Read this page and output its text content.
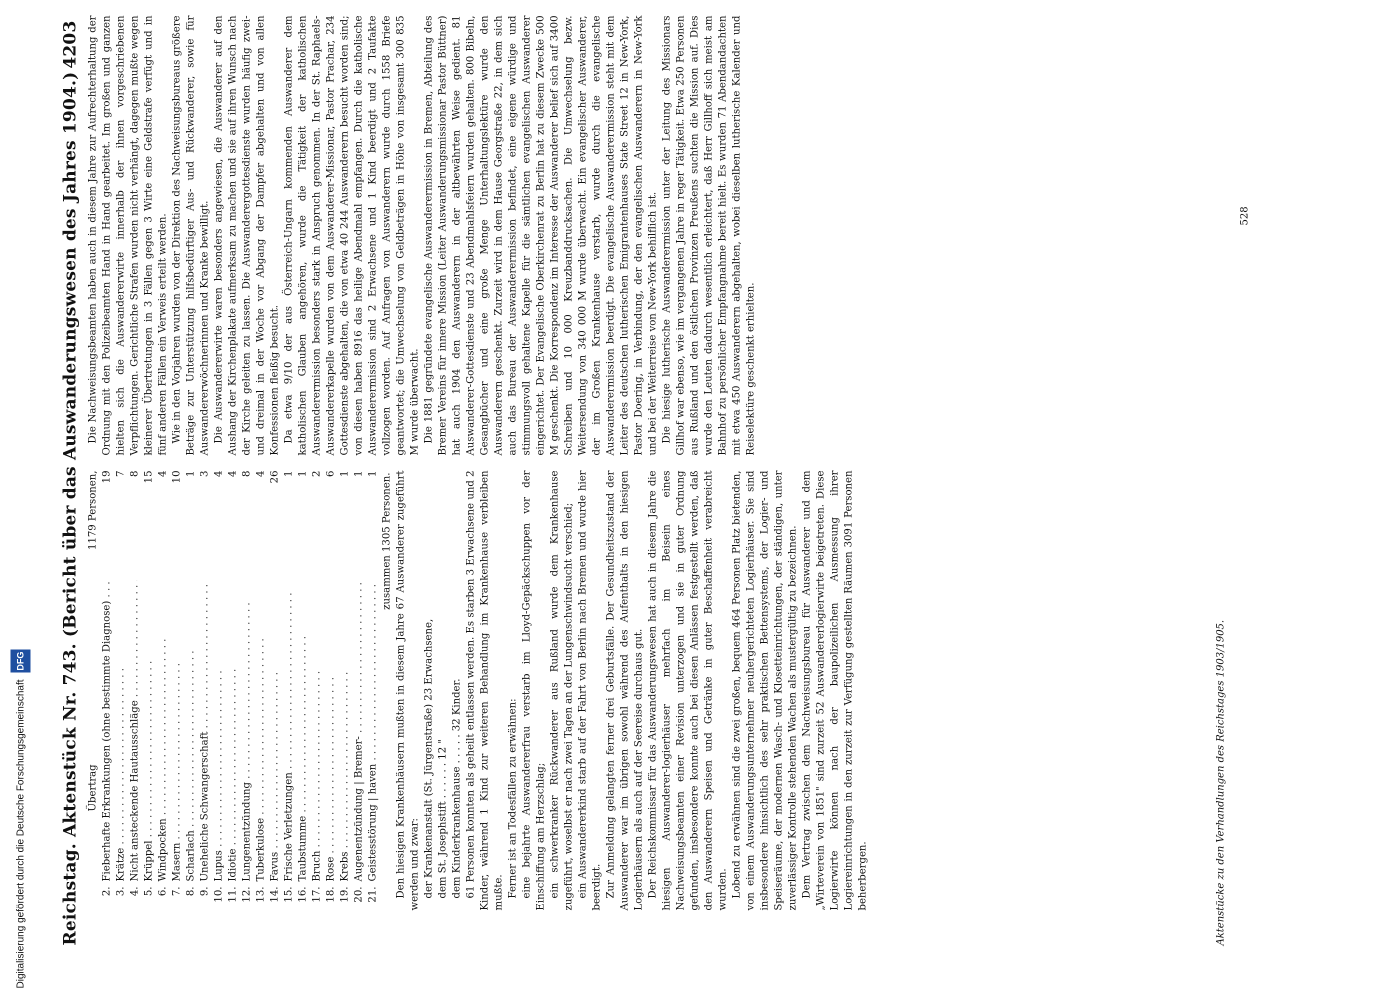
Reichstag. Aktenstück Nr. 743. (Bericht über das Auswanderungswesen des Jahres 1904.)
4203
Übertrag
1179 Personen,
2.
Fieberhafte Erkrankungen (ohne bestimmte Diagnose) . . .
19
3.
Krätze . . .
7
4.
Nicht ansteckende Hautausschläge . . .
8
5.
Krüppel . . .
15
6.
Windpocken . . .
4
7.
Masern . . .
10
8.
Scharlach . . .
1
9.
Uneheliche Schwangerschaft . . .
3
10.
Lupus . . .
4
11.
Idiotie . . .
4
12.
Lungenentzündung . . .
8
13.
Tuberkulose . . .
4
14.
Favus . . .
26
15.
Frische Verletzungen . . .
1
16.
Taubstumme . . .
1
17.
Bruch . . .
2
18.
Rose . . .
6
19.
Krebs . . .
1
20.
Augenentzündung | Bremer- . . .
1
21.
Geistesstörung | haven . . .
1 zusammen 1305 Personen. Den hiesigen Krankenhäusern mußten in diesem Jahre 67 Auswanderer zugeführt werden und zwar: der Krankenanstalt (St. Jürgenstraße) 23 Erwachsene, dem St. Josephstift . . . . . . 12 " dem Kinderkrankenhause . . . . . 32 Kinder. 61 Personen konnten als geheilt entlassen werden. Es starben 3 Erwachsene und 2 Kinder, während 1 Kind zur weiteren Behandlung im Krankenhause verbleiben mußte. Ferner ist an Todesfällen zu erwähnen: eine bejahrte Auswandererfrau verstarb im Lloyd-Gepäckschuppen vor der Einschiffung am Herzschlag; ein schwerkranker Rückwanderer aus Rußland wurde dem Krankenhause zugeführt, woselbst er nach zwei Tagen an der Lungenschwindsucht verschied; ein Auswandererkind starb auf der Fahrt von Berlin nach Bremen und wurde hier beerdigt. Zur Anmeldung gelangten ferner drei Geburtsfälle. Der Gesundheitszustand der Auswanderer war im übrigen sowohl während des Aufenthalts in den hiesigen Logierhäusern als auch auf der Seereise durchaus gut. Der Reichskommissar für das Auswanderungswesen hat auch in diesem Jahre die hiesigen Auswanderer-logierhäuser mehrfach im Beisein eines Nachweisungsbeamten einer Revision unterzogen und sie in guter Ordnung gefunden, insbesondere konnte auch bei diesen Anlässen festgestellt werden, daß den Auswanderern Speisen und Getränke in guter Beschaffenheit verabreicht wurden. Lobend zu erwähnen sind die zwei großen, bequem 464 Personen Platz bietenden, von einem Auswanderungsunternehmer neuhergerichteten Logierhäuser. Sie sind insbesondere hinsichtlich des sehr praktischen Bettensystems, der Logier- und Speiseräume, der modernen Wasch- und Klosetteinrichtungen, der ständigen, unter zuverlässiger Kontrolle stehenden Wachen als mustergültig zu bezeichnen. Dem Vertrag zwischen dem Nachweisungsbureau für Auswanderer und dem „Wirteverein von 1851" sind zurzeit 52 Auswandererlogierwirte beigetreten. Diese Logierwirte können nach der baupolizeilichen Ausmessung ihrer Logiereinrichtungen in den zurzeit zur Verfügung gestellten Räumen 3091 Personen beherbergen.

Die Nachweisungsbeamten haben auch in diesem Jahre zur Aufrechterhaltung der Ordnung mit den Polizeibeamten Hand in Hand gearbeitet. Im großen und ganzen hielten sich die Auswandererwirte innerhalb der ihnen vorgeschriebenen Verpflichtungen. Gerichtliche Strafen wurden nicht verhängt, dagegen mußte wegen kleinerer Übertretungen in 3 Fällen gegen 3 Wirte eine Geldstrafe verfügt und in fünf anderen Fällen ein Verweis erteilt werden. Wie in den Vorjahren wurden von der Direktion des Nachweisungsbureaus größere Beträge zur Unterstützung hilfsbedürftiger Aus- und Rückwanderer, sowie für Auswandererwöchnerinnen und Kranke bewilligt. Die Auswandererwirte waren besonders angewiesen, die Auswanderer auf den Aushang der Kirchenplakate aufmerksam zu machen und sie auf ihren Wunsch nach der Kirche geleiten zu lassen. Die Auswanderergottesdienste wurden häufig zwei- und dreimal in der Woche vor Abgang der Dampfer abgehalten und von allen Konfessionen fleißig besucht. Da etwa 9/10 der aus Österreich-Ungarn kommenden Auswanderer dem katholischen Glauben angehören, wurde die Tätigkeit der katholischen Auswanderermission besonders stark in Anspruch genommen. In der St. Raphaels-Auswandererkapelle wurden von dem Auswanderer-Missionar, Pastor Prachar, 234 Gottesdienste abgehalten, die von etwa 40 244 Auswanderern besucht worden sind; von diesen haben 8916 das heilige Abendmahl empfangen. Durch die katholische Auswanderermission sind 2 Erwachsene und 1 Kind beerdigt und 2 Taufakte vollzogen worden. Auf Anfragen von Auswanderern wurde durch 1558 Briefe geantwortet; die Umwechselung von Geldbeträgen in Höhe von insgesamt 300 835 M wurde überwacht. Die 1881 gegründete evangelische Auswanderermission in Bremen, Abteilung des Bremer Vereins für innere Mission (Leiter Auswanderungsmissionar Pastor Büttner) hat auch 1904 den Auswanderern in der altbewährten Weise gedient. 81 Auswanderer-Gottesdienste und 23 Abendmahlsfeiern wurden gehalten. 800 Bibeln, Gesangbücher und eine große Menge Unterhaltungslektüre wurde den Auswanderern geschenkt. Zurzeit wird in dem Hause Georgstraße 22, in dem sich auch das Bureau der Auswanderermission befindet, eine eigene würdige und stimmungsvoll gehaltene Kapelle für die sämtlichen evangelischen Auswanderer eingerichtet. Der Evangelische Oberkirchenrat zu Berlin hat zu diesem Zwecke 500 M geschenkt. Die Korrespondenz im Interesse der Auswanderer belief sich auf 3400 Schreiben und 10 000 Kreuzbanddrucksachen. Die Umwechselung bezw. Weitersendung von 340 000 M wurde überwacht. Ein evangelischer Auswanderer, der im Großen Krankenhause verstarb, wurde durch die evangelische Auswanderermission beerdigt. Die evangelische Auswanderermission steht mit dem Leiter des deutschen lutherischen Emigrantenhauses State Street 12 in New-York, Pastor Doering, in Verbindung, der den evangelischen Auswanderern in New-York und bei der Weiterreise von New-York behilflich ist. Die hiesige lutherische Auswanderermission unter der Leitung des Missionars Gillhof war ebenso, wie im vergangenen Jahre in reger Tätigkeit. Etwa 250 Personen aus Rußland und den östlichen Provinzen Preußens suchten die Mission auf. Dies wurde den Leuten dadurch wesentlich erleichtert, daß Herr Gillhoff sich meist am Bahnhof zu persönlicher Empfangnahme bereit hielt. Es wurden 71 Abendandachten mit etwa 450 Auswanderern abgehalten, wobei dieselben lutherische Kalender und Reiselektüre geschenkt erhielten.

Aktenstücke zu den Verhandlungen des Reichstages 1903/1905.
528
Digitalisierung gefördert durch die Deutsche Forschungsgemeinschaft DFG
